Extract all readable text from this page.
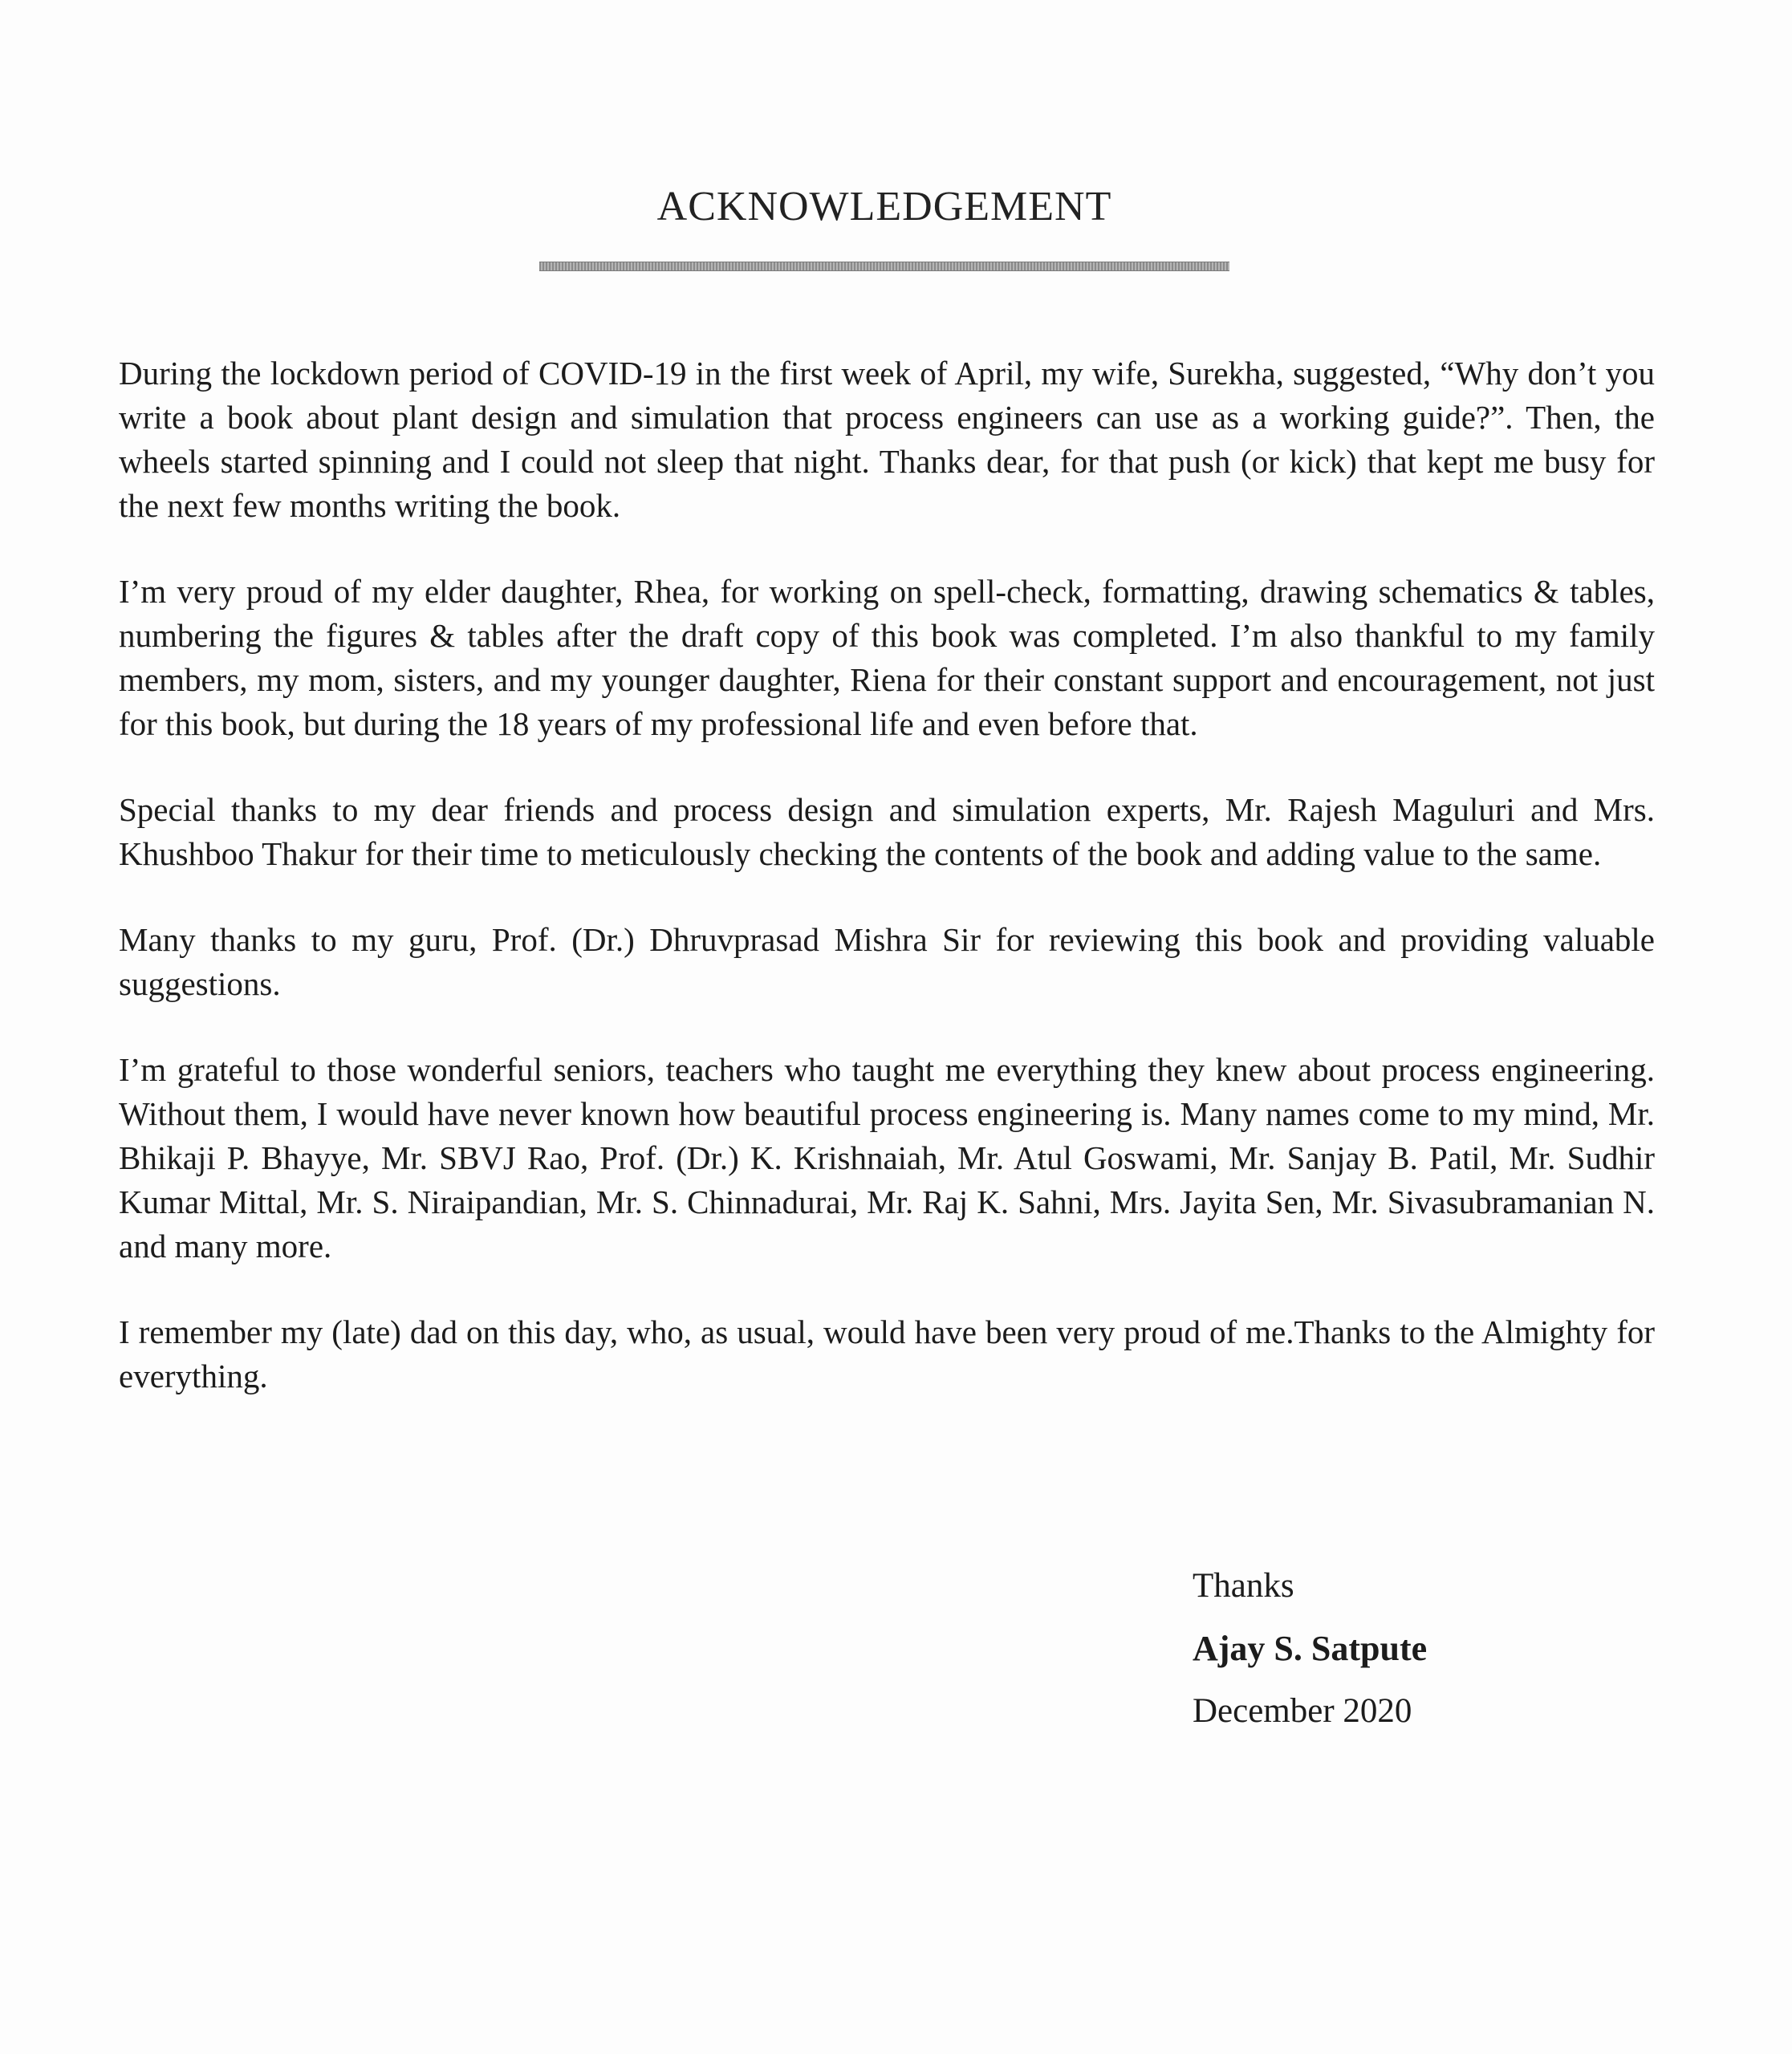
ACKNOWLEDGEMENT

During the lockdown period of COVID-19 in the first week of April, my wife, Surekha, suggested, “Why don’t you write a book about plant design and simulation that process engineers can use as a working guide?”. Then, the wheels started spinning and I could not sleep that night. Thanks dear, for that push (or kick) that kept me busy for the next few months writing the book.

I’m very proud of my elder daughter, Rhea, for working on spell-check, formatting, drawing schematics & tables, numbering the figures & tables after the draft copy of this book was completed. I’m also thankful to my family members, my mom, sisters, and my younger daughter, Riena for their constant support and encouragement, not just for this book, but during the 18 years of my professional life and even before that.

Special thanks to my dear friends and process design and simulation experts, Mr. Rajesh Maguluri and Mrs. Khushboo Thakur for their time to meticulously checking the contents of the book and adding value to the same.

Many thanks to my guru, Prof. (Dr.) Dhruvprasad Mishra Sir for reviewing this book and providing valuable suggestions.

I’m grateful to those wonderful seniors, teachers who taught me everything they knew about process engineering. Without them, I would have never known how beautiful process engineering is. Many names come to my mind, Mr. Bhikaji P. Bhayye, Mr. SBVJ Rao, Prof. (Dr.) K. Krishnaiah, Mr. Atul Goswami, Mr. Sanjay B. Patil, Mr. Sudhir Kumar Mittal, Mr. S. Niraipandian, Mr. S. Chinnadurai, Mr. Raj K. Sahni, Mrs. Jayita Sen, Mr. Sivasubramanian N. and many more.

I remember my (late) dad on this day, who, as usual, would have been very proud of me.Thanks to the Almighty for everything.

Thanks

Ajay S. Satpute

December 2020
